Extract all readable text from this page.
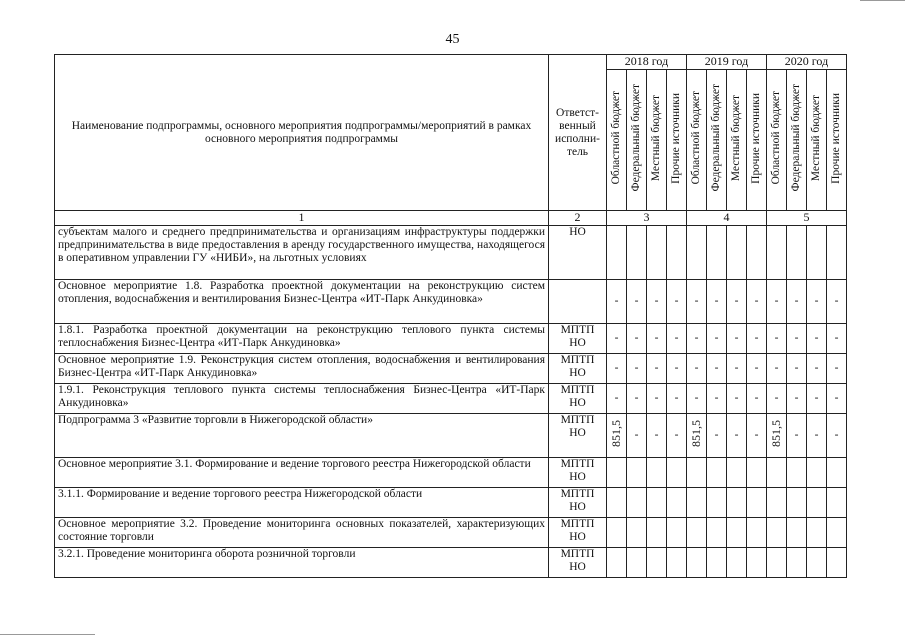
45
Наименование подпрограммы, основного мероприятия подпрограммы/мероприятий в рамках основного мероприятия подпрограммы	Ответст-венный исполни-тель	2018 год				2019 год				2020 год			
		Областной бюджет	Федеральный бюджет	Местный бюджет	Прочие источники	Областной бюджет	Федеральный бюджет	Местный бюджет	Прочие источники	Областной бюджет	Федеральный бюджет	Местный бюджет	Прочие источники
1	2	3				4				5			
субъектам малого и среднего предпринимательства и организациям инфраструктуры поддержки предпринимательства в виде предоставления в аренду государственного имущества, находящегося в оперативном управлении ГУ «НИБИ», на льготных условиях	НО												
Основное мероприятие 1.8. Разработка проектной документации на реконструкцию систем отопления, водоснабжения и вентилирования Бизнес-Центра «ИТ-Парк Анкудиновка»		-	-	-	-	-	-	-	-	-	-	-	-
1.8.1. Разработка проектной документации на реконструкцию теплового пункта системы теплоснабжения Бизнес-Центра «ИТ-Парк Анкудиновка»	МПТП НО	-	-	-	-	-	-	-	-	-	-	-	-
Основное мероприятие 1.9. Реконструкция систем отопления, водоснабжения и вентилирования Бизнес-Центра «ИТ-Парк Анкудиновка»	МПТП НО	-	-	-	-	-	-	-	-	-	-	-	-
1.9.1. Реконструкция теплового пункта системы теплоснабжения Бизнес-Центра «ИТ-Парк Анкудиновка»	МПТП НО	-	-	-	-	-	-	-	-	-	-	-	-
Подпрограмма 3 «Развитие торговли в Нижегородской области»	МПТП НО	851,5	-	-	-	851,5	-	-	-	851,5	-	-	-
Основное мероприятие 3.1. Формирование и ведение торгового реестра Нижегородской области	МПТП НО												
3.1.1. Формирование и ведение торгового реестра Нижегородской области	МПТП НО												
Основное мероприятие 3.2. Проведение мониторинга основных показателей, характеризующих состояние торговли	МПТП НО												
3.2.1. Проведение мониторинга оборота розничной торговли	МПТП НО												
